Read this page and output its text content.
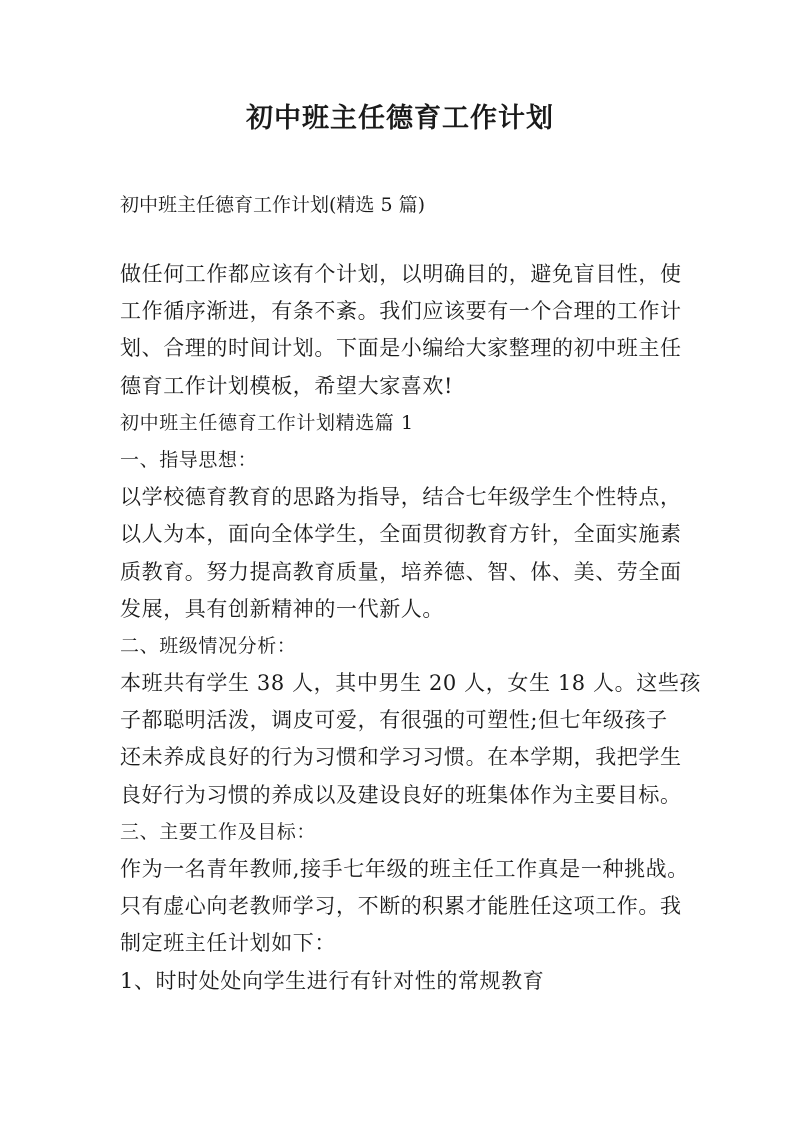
初中班主任德育工作计划

初中班主任德育工作计划(精选 5 篇)

做任何工作都应该有个计划，以明确目的，避免盲目性，使

工作循序渐进，有条不紊。我们应该要有一个合理的工作计

划、合理的时间计划。下面是小编给大家整理的初中班主任

德育工作计划模板，希望大家喜欢!

初中班主任德育工作计划精选篇 1

一、指导思想：

以学校德育教育的思路为指导，结合七年级学生个性特点，

以人为本，面向全体学生，全面贯彻教育方针，全面实施素

质教育。努力提高教育质量，培养德、智、体、美、劳全面

发展，具有创新精神的一代新人。

二、班级情况分析：

本班共有学生 38 人，其中男生 20 人，女生 18 人。这些孩

子都聪明活泼，调皮可爱，有很强的可塑性;但七年级孩子

还未养成良好的行为习惯和学习习惯。在本学期，我把学生

良好行为习惯的养成以及建设良好的班集体作为主要目标。

三、主要工作及目标：

作为一名青年教师,接手七年级的班主任工作真是一种挑战。

只有虚心向老教师学习，不断的积累才能胜任这项工作。我

制定班主任计划如下：

1、时时处处向学生进行有针对性的常规教育
